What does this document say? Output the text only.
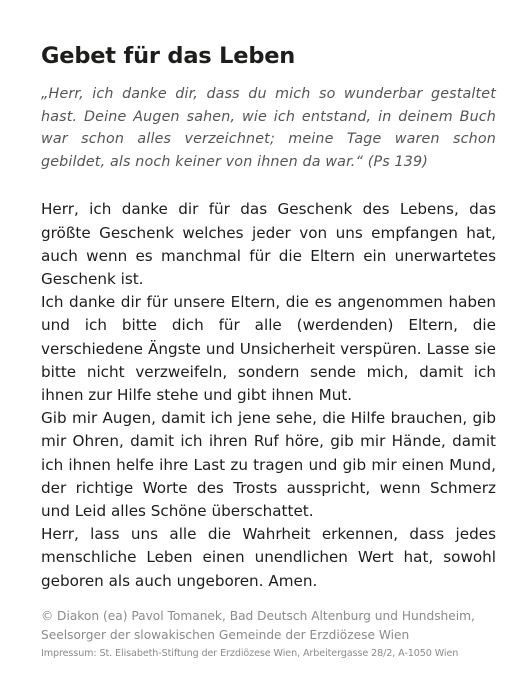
Gebet für das Leben

„Herr, ich danke dir, dass du mich so wunderbar gestaltet hast. Deine Augen sahen, wie ich entstand, in deinem Buch war schon alles verzeichnet; meine Tage waren schon gebildet, als noch keiner von ihnen da war.“ (Ps 139)

Herr, ich danke dir für das Geschenk des Lebens, das größte Geschenk welches jeder von uns empfangen hat, auch wenn es manchmal für die Eltern ein unerwartetes Geschenk ist.

Ich danke dir für unsere Eltern, die es angenommen haben und ich bitte dich für alle (werdenden) Eltern, die verschiedene Ängste und Unsicherheit verspüren. Lasse sie bitte nicht verzweifeln, sondern sende mich, damit ich ihnen zur Hilfe stehe und gibt ihnen Mut.

Gib mir Augen, damit ich jene sehe, die Hilfe brauchen, gib mir Ohren, damit ich ihren Ruf höre, gib mir Hände, damit ich ihnen helfe ihre Last zu tragen und gib mir einen Mund, der richtige Worte des Trosts ausspricht, wenn Schmerz und Leid alles Schöne überschattet.

Herr, lass uns alle die Wahrheit erkennen, dass jedes menschliche Leben einen unendlichen Wert hat, sowohl geboren als auch ungeboren. Amen.

© Diakon (ea) Pavol Tomanek, Bad Deutsch Altenburg und Hundsheim,
Seelsorger der slowakischen Gemeinde der Erzdiözese Wien

Impressum: St. Elisabeth-Stiftung der Erzdiözese Wien, Arbeitergasse 28/2, A-1050 Wien
